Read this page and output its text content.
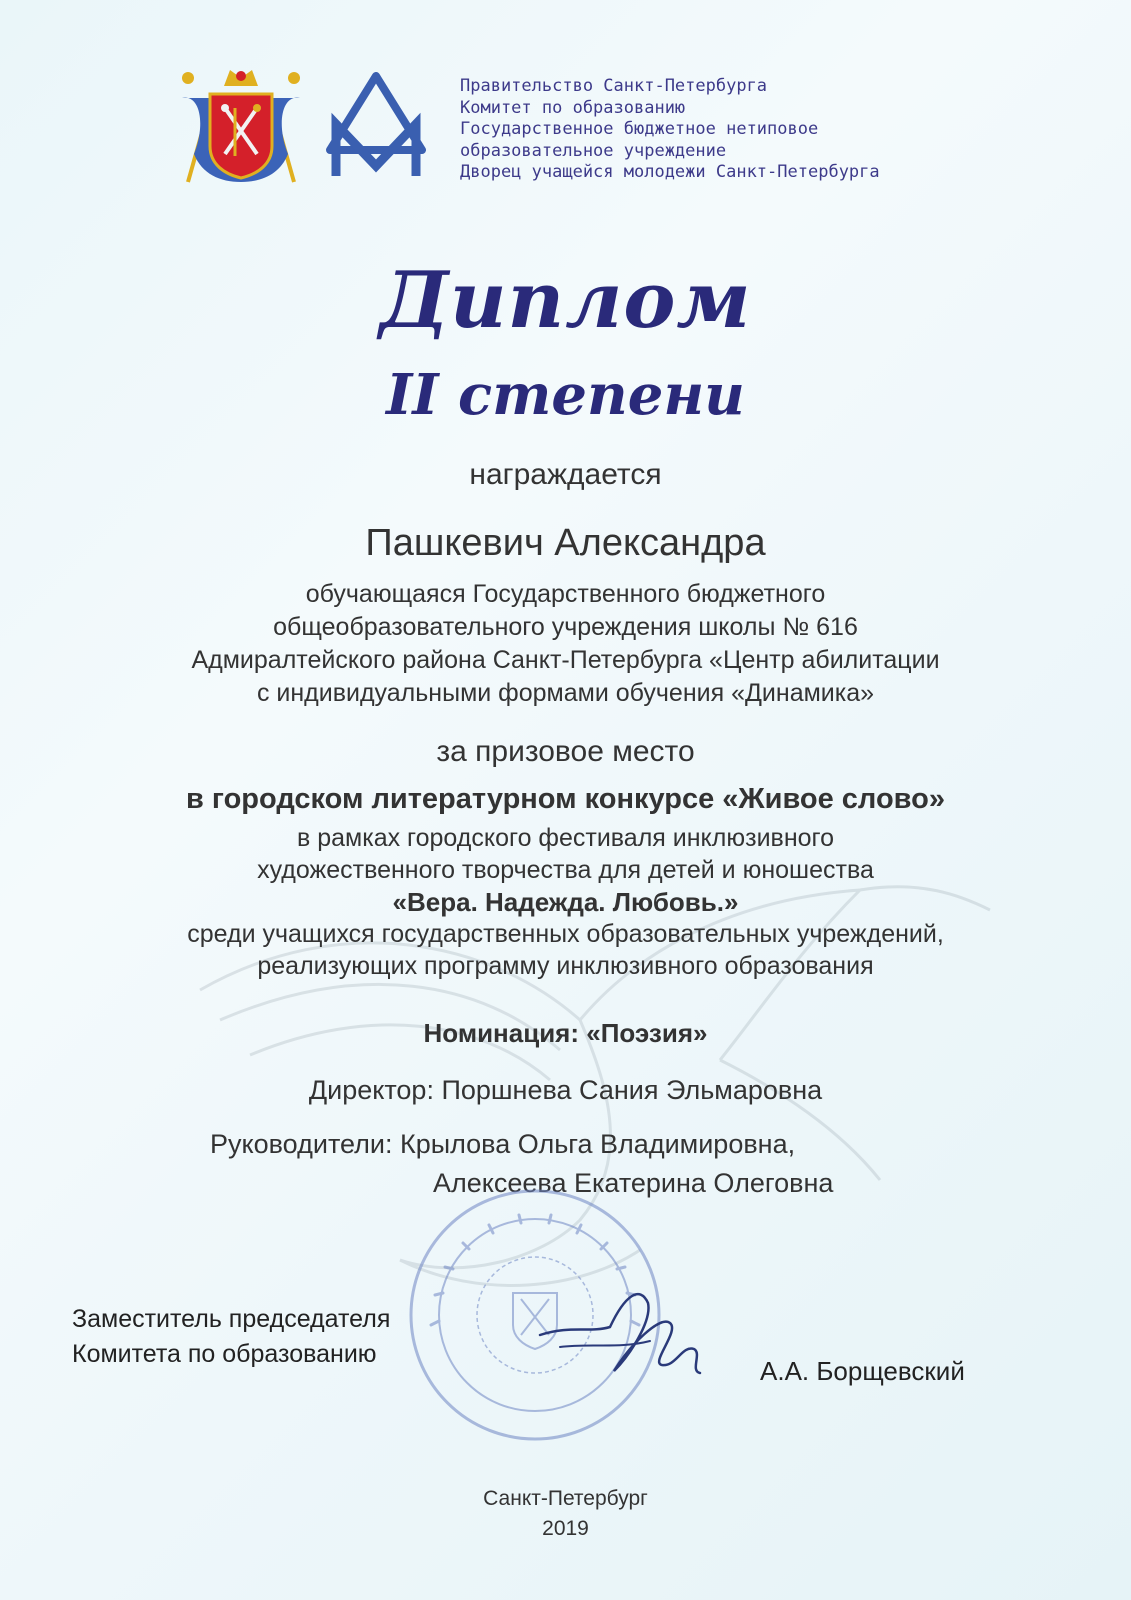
Правительство Санкт-Петербурга
Комитет по образованию
Государственное бюджетное нетиповое
образовательное учреждение
Дворец учащейся молодежи Санкт-Петербурга
Диплом
II степени
награждается
Пашкевич Александра
обучающаяся Государственного бюджетного
общеобразовательного учреждения школы № 616
Адмиралтейского района Санкт-Петербурга «Центр абилитации
с индивидуальными формами обучения «Динамика»
за призовое место
в городском литературном конкурсе «Живое слово»
в рамках городского фестиваля инклюзивного
художественного творчества для детей и юношества
«Вера. Надежда. Любовь.»
среди учащихся государственных образовательных учреждений,
реализующих программу инклюзивного образования
Номинация: «Поэзия»
Директор: Поршнева Сания Эльмаровна
Руководители: Крылова Ольга Владимировна,
Алексеева Екатерина Олеговна
Заместитель председателя
Комитета по образованию
А.А. Борщевский
Санкт-Петербург
2019
